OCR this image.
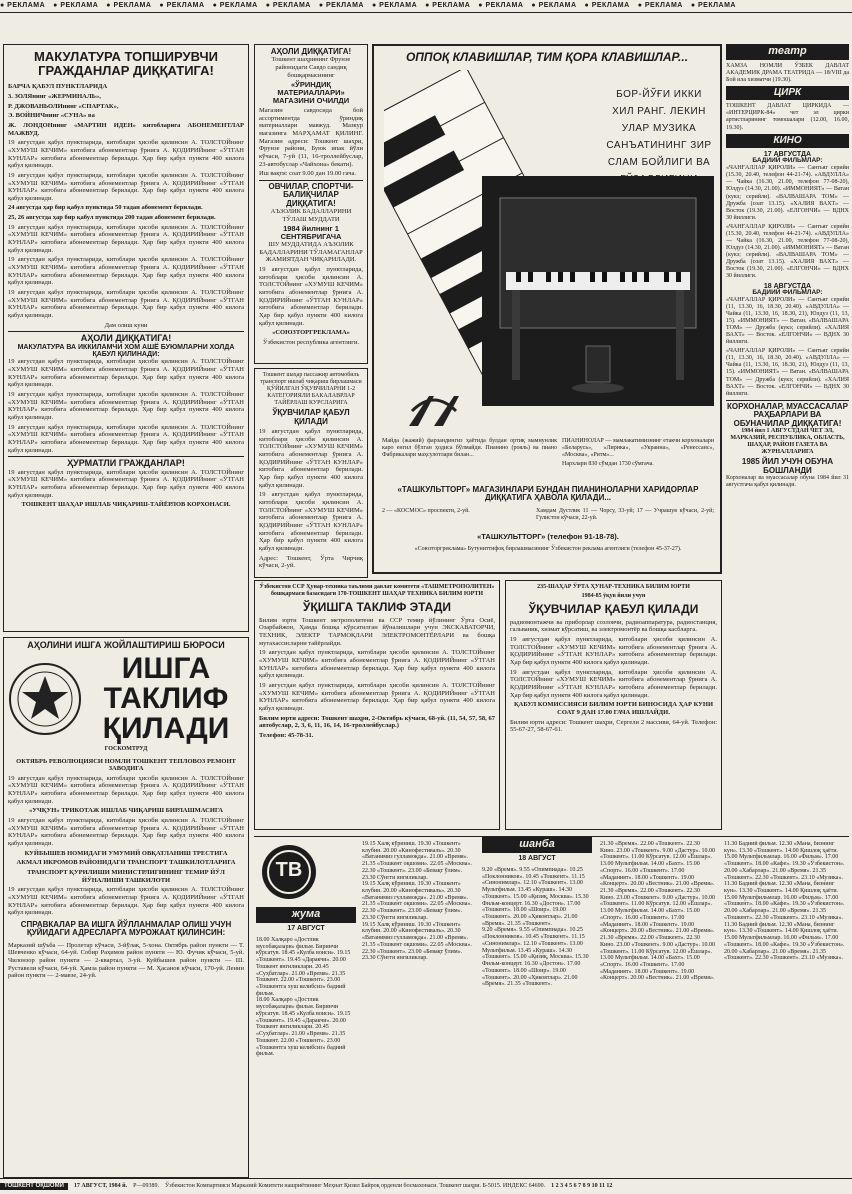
● РЕКЛАМА ● РЕКЛАМА ● РЕКЛАМА ● РЕКЛАМА ● РЕКЛАМА ● РЕКЛАМА ● РЕКЛАМА ● РЕКЛАМА ● РЕКЛАМА ● РЕКЛАМА ● РЕКЛАМА ● РЕКЛАМА ● РЕКЛАМА ● РЕКЛАМА
МАКУЛАТУРА ТОПШИРУВЧИ ГРАЖДАНЛАР ДИҚҚАТИГА!

БАРЧА ҚАБУЛ ПУНКТЛАРИДА

3. ЗОЛЯнинг «ЖЕРМИНАЛЬ»,

Р. ДЖОВАНЬОЛИнинг «СПАРТАК»,

Э. ВОЙНИЧнинг «СУНА» ва

Ж. ЛОНДОНнинг «МАРТИН ИДЕН» китобларига АБОНЕМЕНТЛАР МАЖВУД.

19 августдан қабул пунктларида, китоблари ҳисоби қилинсин А. ТОЛСТОЙнинг «ХУМУШ КЕЧИМ» китобига абонементлар ўрнига А. ҚОДИРИЙнинг «ЎТГАН КУНЛАР» китобига абонементлар берилади. Ҳар бир қабул пункти 400 килога қабул қилинади.

19 августдан қабул пунктларида, китоблари ҳисоби қилинсин А. ТОЛСТОЙнинг «ХУМУШ КЕЧИМ» китобига абонементлар ўрнига А. ҚОДИРИЙнинг «ЎТГАН КУНЛАР» китобига абонементлар берилади. Ҳар бир қабул пункти 400 килога қабул қилинади.

24 августда ҳар бир қабул пунктида 50 тадан абонемент берилади.

25, 26 августда ҳар бир қабул пунктида 200 тадан абонемент берилади.

19 августдан қабул пунктларида, китоблари ҳисоби қилинсин А. ТОЛСТОЙнинг «ХУМУШ КЕЧИМ» китобига абонементлар ўрнига А. ҚОДИРИЙнинг «ЎТГАН КУНЛАР» китобига абонементлар берилади. Ҳар бир қабул пункти 400 килога қабул қилинади.

19 августдан қабул пунктларида, китоблари ҳисоби қилинсин А. ТОЛСТОЙнинг «ХУМУШ КЕЧИМ» китобига абонементлар ўрнига А. ҚОДИРИЙнинг «ЎТГАН КУНЛАР» китобига абонементлар берилади. Ҳар бир қабул пункти 400 килога қабул қилинади.

19 августдан қабул пунктларида, китоблари ҳисоби қилинсин А. ТОЛСТОЙнинг «ХУМУШ КЕЧИМ» китобига абонементлар ўрнига А. ҚОДИРИЙнинг «ЎТГАН КУНЛАР» китобига абонементлар берилади. Ҳар бир қабул пункти 400 килога қабул қилинади.

Дам олиш куни

АҲОЛИ ДИҚҚАТИГА!
МАКУЛАТУРА ВА ИККИЛАМЧИ ХОМ АШЁ БУЮМЛАРНИ ХОЛДА ҚАБУЛ ҚИЛИНАДИ:

19 августдан қабул пунктларида, китоблари ҳисоби қилинсин А. ТОЛСТОЙнинг «ХУМУШ КЕЧИМ» китобига абонементлар ўрнига А. ҚОДИРИЙнинг «ЎТГАН КУНЛАР» китобига абонементлар берилади. Ҳар бир қабул пункти 400 килога қабул қилинади.

19 августдан қабул пунктларида, китоблари ҳисоби қилинсин А. ТОЛСТОЙнинг «ХУМУШ КЕЧИМ» китобига абонементлар ўрнига А. ҚОДИРИЙнинг «ЎТГАН КУНЛАР» китобига абонементлар берилади. Ҳар бир қабул пункти 400 килога қабул қилинади.

19 августдан қабул пунктларида, китоблари ҳисоби қилинсин А. ТОЛСТОЙнинг «ХУМУШ КЕЧИМ» китобига абонементлар ўрнига А. ҚОДИРИЙнинг «ЎТГАН КУНЛАР» китобига абонементлар берилади. Ҳар бир қабул пункти 400 килога қабул қилинади.

ҲУРМАТЛИ ГРАЖДАНЛАР!

19 августдан қабул пунктларида, китоблари ҳисоби қилинсин А. ТОЛСТОЙнинг «ХУМУШ КЕЧИМ» китобига абонементлар ўрнига А. ҚОДИРИЙнинг «ЎТГАН КУНЛАР» китобига абонементлар берилади. Ҳар бир қабул пункти 400 килога қабул қилинади.

ТОШКЕНТ ШАҲАР ИШЛАБ ЧИҚАРИШ-ТАЙЁРЛОВ КОРХОНАСИ.

АҲОЛИНИ ИШГА ЖОЙЛАШТИРИШ БЮРОСИ
ИШГА ТАКЛИФ ҚИЛАДИ
ГОСКОМТРУД

ОКТЯБРЬ РЕВОЛЮЦИЯСИ НОМЛИ ТОШКЕНТ ТЕПЛОВОЗ РЕМОНТ ЗАВОДИГА

19 августдан қабул пунктларида, китоблари ҳисоби қилинсин А. ТОЛСТОЙнинг «ХУМУШ КЕЧИМ» китобига абонементлар ўрнига А. ҚОДИРИЙнинг «ЎТГАН КУНЛАР» китобига абонементлар берилади. Ҳар бир қабул пункти 400 килога қабул қилинади.

«УЧҚУН» ТРИКОТАЖ ИШЛАБ ЧИҚАРИШ БИРЛАШМАСИГА

19 августдан қабул пунктларида, китоблари ҳисоби қилинсин А. ТОЛСТОЙнинг «ХУМУШ КЕЧИМ» китобига абонементлар ўрнига А. ҚОДИРИЙнинг «ЎТГАН КУНЛАР» китобига абонементлар берилади. Ҳар бир қабул пункти 400 килога қабул қилинади.

КУЙБЫШЕВ НОМИДАГИ УМУМИЙ ОВҚАТЛАНИШ ТРЕСТИГА

АКМАЛ ИКРОМОВ РАЙОНИДАГИ ТРАНСПОРТ ТАШКИЛОТЛАРИГА

ТРАНСПОРТ ҚУРИЛИШИ МИНИСТРЛИГИНИНГ ТЕМИР ЙЎЛ ЙЎНАЛИШИ ТАШКИЛОТИ

19 августдан қабул пунктларида, китоблари ҳисоби қилинсин А. ТОЛСТОЙнинг «ХУМУШ КЕЧИМ» китобига абонементлар ўрнига А. ҚОДИРИЙнинг «ЎТГАН КУНЛАР» китобига абонементлар берилади. Ҳар бир қабул пункти 400 килога қабул қилинади.

СПРАВКАЛАР ВА ИШГА ЙЎЛЛАНМАЛАР ОЛИШ УЧУН ҚУЙИДАГИ АДРЕСЛАРГА МУРОЖААТ ҚИЛИНСИН:

Марказий шўъба — Пролетар кўчаси, 3-йўлак, 5-хона. Октябрь район пункти — Т. Шевченко кўчаси, 64-уй. Собир Раҳимов район пункти — Ю. Фучик кўчаси, 5-уй. Чилонзор район пункти — 2-квартал, 3-уй. Куйбышев район пункти — Ш. Руставели кўчаси, 64-уй. Ҳамза район пункти — М. Ҳасанов кўчаси, 170-уй. Ленин район пункти — 2-мавзе, 24-уй.

АҲОЛИ ДИҚҚАТИГА!

Тошкент шаҳрининг Фрунзе районидаги Савдо сандиқ бошқармасининг

«ЎРИНДИҚ МАТЕРИАЛЛАРИ» МАГАЗИНИ ОЧИЛДИ

Магазин савдосида бой ассортиментда ўриндиқ материаллари мавжуд. Мазкур магазинга МАРҲАМАТ ҚИЛИНГ. Магазин адреси: Тошкент шаҳри, Фрунзе райони, Буюк ипак йўли кўчаси, 7-уй (11, 16-троллейбуслар, 23-автобуслар «Чайхона» бекати).

Иш вақти: соат 9.00 дан 19.00 гача.

ОВЧИЛАР, СПОРТЧИ-БАЛИҚЧИЛАР ДИҚҚАТИГА!

АЪЗОЛИК БАДАЛЛАРИНИ ТЎЛАШ МУДДАТИ

1984 йилнинг 1 СЕНТЯБРИГАЧА

ШУ МУДДАТИДА АЪЗОЛИК БАДАЛЛАРИНИ ТЎЛАМАГАНЛАР ЖАМИЯТДАН ЧИҚАРИЛАДИ.

19 августдан қабул пунктларида, китоблари ҳисоби қилинсин А. ТОЛСТОЙнинг «ХУМУШ КЕЧИМ» китобига абонементлар ўрнига А. ҚОДИРИЙнинг «ЎТГАН КУНЛАР» китобига абонементлар берилади. Ҳар бир қабул пункти 400 килога қабул қилинади.

«СОЮЗТОРГРЕКЛАМА»

Ўзбекистон республика агентлиги.

Тошкент шаҳар пассажир автомобиль транспорт ишлаб чиқариш бирлашмаси ҚЎЙИЛГАН ЎҚУВЧИЛАРНИ 1-2 КАТЕГОРИЯЛИ БАКАЛАВРЛАР ТАЙЁРЛАШ КУРСЛАРИГА

ЎҚУВЧИЛАР ҚАБУЛ ҚИЛАДИ

19 августдан қабул пунктларида, китоблари ҳисоби қилинсин А. ТОЛСТОЙнинг «ХУМУШ КЕЧИМ» китобига абонементлар ўрнига А. ҚОДИРИЙнинг «ЎТГАН КУНЛАР» китобига абонементлар берилади. Ҳар бир қабул пункти 400 килога қабул қилинади.

19 августдан қабул пунктларида, китоблари ҳисоби қилинсин А. ТОЛСТОЙнинг «ХУМУШ КЕЧИМ» китобига абонементлар ўрнига А. ҚОДИРИЙнинг «ЎТГАН КУНЛАР» китобига абонементлар берилади. Ҳар бир қабул пункти 400 килога қабул қилинади.

Адрес: Тошкент, Ўрта Чирчиқ кўчаси, 2-уй.

ОППОҚ КЛАВИШЛАР, ТИМ ҚОРА КЛАВИШЛАР...
БОР-ЙЎҒИ ИККИ ХИЛ РАНГ. ЛЕКИН УЛАР МУЗИКА САНЪАТИНИНГ ЗИР СЛАМ БОЙЛИГИ ВА

Майда (жажий) фарзандингиз ҳаётида булдан ортиқ мамнунлик каро енгил бўлган ҳодиса бўлмайди. Пианино (рояль) ва пиано Фабрикалари маҳсулотлари билан...

ПИАНИНОЛАР — мамлакатимизнинг етакчи корхоналари «Беларусь», «Лирика», «Украина», «Ренессанс», «Москва», «Ритм»...

Нархлари 830 сўмдан 1730 сўмгача.

«ТАШКУЛЬТТОРГ» МАГАЗИНЛАРИ БУНДАН ПИАНИНОЛАРНИ ХАРИДОРЛАР ДИҚҚАТИГА ҲАВОЛА ҚИЛАДИ...

2 — «КОСМОС» проспекти, 2-уй.	Хамдам Дустлик 11 — Чорсу, 33-уй; 17 — Учрашув кўчаси, 2-уй; Гулистон кўчаси, 22-уй.

«ТАШКУЛЬТТОРГ» (телефон 91-18-78).
«Союзторгреклама» Бутуниттифоқ бирлашмасининг Ўзбекистон реклама агентлиги (телефон 45-37-27).
театр

ХАМЗА НОМЛИ ЎЗБЕК ДАВЛАТ АКАДЕМИК ДРАМА ТЕАТРИДА — 18/VIII да Бой ила хизматчи (19.30).

ЦИРК

ТОШКЕНТ ДАВЛАТ ЦИРКИДА — «ИНТЕРЦИРК-84» чет эл цирки артистларининг томошалари (12.00, 16.00, 19.30).

КИНО
17 АВГУСТДА
БАДИИЙ ФИЛЬМЛАР:

«ЧАНҒАЛЛАР ҚИРОЛИ» — Сантьяг серийи (15.30, 20.40, телефон 44-21-74). «АВДУЛЛА» — Чайка (16.30, 21.00, телефон 77-08-20), Юлдуз (14.30, 21.00). «ИММОНИЯТ» — Ватан (кукэ; серийли). «ВАЛВАШАРА ТОМ» — Дружба (соат 13.15). «ХАЛИЯ ВАХТ» — Восток (19.30, 21.00). «ЕЛГОНЧИ» — ВДНХ 30 йиллиги.

«ЧАНҒАЛЛАР ҚИРОЛИ» — Сантьяг серийи (15.30, 20.40, телефон 44-21-74). «АВДУЛЛА» — Чайка (16.30, 21.00, телефон 77-08-20), Юлдуз (14.30, 21.00). «ИММОНИЯТ» — Ватан (кукэ; серийли). «ВАЛВАШАРА ТОМ» — Дружба (соат 13.15). «ХАЛИЯ ВАХТ» — Восток (19.30, 21.00). «ЕЛГОНЧИ» — ВДНХ 30 йиллиги.

18 АВГУСТДА
БАДИИЙ ФИЛЬМЛАР:

«ЧАНҒАЛЛАР ҚИРОЛИ» — Сантьяг серийи (11, 13.30, 16, 18.30, 20.40). «АВДУЛЛА» — Чайка (11, 13.30, 16, 18.30, 21), Юлдуз (11, 13, 15). «ИММОНИЯТ» — Ватан. «ВАЛВАШАРА ТОМ» — Дружба (кукэ; серийли). «ХАЛИЯ ВАХТ» — Восток. «ЕЛГОНЧИ» — ВДНХ 30 йиллиги.

«ЧАНҒАЛЛАР ҚИРОЛИ» — Сантьяг серийи (11, 13.30, 16, 18.30, 20.40). «АВДУЛЛА» — Чайка (11, 13.30, 16, 18.30, 21), Юлдуз (11, 13, 15). «ИММОНИЯТ» — Ватан. «ВАЛВАШАРА ТОМ» — Дружба (кукэ; серийли). «ХАЛИЯ ВАХТ» — Восток. «ЕЛГОНЧИ» — ВДНХ 30 йиллиги.

КОРХОНАЛАР, МУАССАСАЛАР РАҲБАРЛАРИ ВА ОБУНАЧИЛАР ДИҚҚАТИГА!

1984 йил 1 АВГУСТДАН ЧЕТ ЭЛ, МАРКАЗИЙ, РЕСПУБЛИКА, ОБЛАСТЬ, ШАҲАР, РАЙОН ГАЗЕТА ВА ЖУРНАЛЛАРИГА

1985 ЙИЛ УЧУН ОБУНА БОШЛАНДИ

Корхоналар ва муассасалар обуна 1984 йил 31 августгача қабул қилинади.

Ўзбекистон ССР Ҳунар-техника таълими давлат комитети «ТАШМЕТРОПОЛИТЕН» бошқармаси базасидаги 170-ТОШКЕНТ ШАҲАР ТЕХНИКА БИЛИМ ЮРТИ

ЎҚИШГА ТАКЛИФ ЭТАДИ

Билим юрти Тошкент метрополитени ва ССР темир йўлининг Ўрта Осиё, Озарбайжон, Ҳамда бошқа кўрсатилган йўналишлари учун ЭКСКАВАТОРЧИ, ТЕХНИК, ЭЛЕКТР ТАРМОҚЛАРИ ЭЛЕКТРОМОНТЁРЛАРИ ва бошқа мутахассисларни тайёрлайди.

19 августдан қабул пунктларида, китоблари ҳисоби қилинсин А. ТОЛСТОЙнинг «ХУМУШ КЕЧИМ» китобига абонементлар ўрнига А. ҚОДИРИЙнинг «ЎТГАН КУНЛАР» китобига абонементлар берилади. Ҳар бир қабул пункти 400 килога қабул қилинади.

19 августдан қабул пунктларида, китоблари ҳисоби қилинсин А. ТОЛСТОЙнинг «ХУМУШ КЕЧИМ» китобига абонементлар ўрнига А. ҚОДИРИЙнинг «ЎТГАН КУНЛАР» китобига абонементлар берилади. Ҳар бир қабул пункти 400 килога қабул қилинади.

Билим юрти адреси: Тошкент шаҳри, 2-Октябрь кўчаси, 68-уй. (11, 54, 57, 58, 67 автобуслар, 2, 3, 6, 11, 16, 14, 16-троллейбуслар.)

Телефон: 45-78-31.

235-ШАҲАР ЎРТА ҲУНАР-ТЕХНИКА БИЛИМ ЮРТИ

1984-85 ўқув йили учун

ЎҚУВЧИЛАР ҚАБУЛ ҚИЛАДИ

радиомонтажчи ва приборлар созловчи, радиоаппаратура, радиостанция, гальваник, хизмат кўрсатиш, ва электромонтёр ва бошқа касбларга.

19 августдан қабул пунктларида, китоблари ҳисоби қилинсин А. ТОЛСТОЙнинг «ХУМУШ КЕЧИМ» китобига абонементлар ўрнига А. ҚОДИРИЙнинг «ЎТГАН КУНЛАР» китобига абонементлар берилади. Ҳар бир қабул пункти 400 килога қабул қилинади.

19 августдан қабул пунктларида, китоблари ҳисоби қилинсин А. ТОЛСТОЙнинг «ХУМУШ КЕЧИМ» китобига абонементлар ўрнига А. ҚОДИРИЙнинг «ЎТГАН КУНЛАР» китобига абонементлар берилади. Ҳар бир қабул пункти 400 килога қабул қилинади.

ҚАБУЛ КОМИССИЯСИ БИЛИМ ЮРТИ БИНОСИДА ҲАР КУНИ СОАТ 9 ДАН 17.00 ГАЧА ИШЛАЙДИ.

Билим юрти адреси: Тошкент шаҳри, Сергели 2 массиви, 64-уй. Телефон: 55-67-27, 58-67-61.

ТВ
жума
17 АВГУСТ

18.00 Халқаро «Достлик мусобақалари» фильм. Биринчи кўрсатув. 18.45 «Кулба воиси». 19.15 «Тошкент». 19.45 «Даракчи». 20.00 Тошкент янгиликлари. 20.45 «Суҳбатлар». 21.00 «Время». 21.35 Тошкент. 22.00 «Тошкент». 23.00 «Тошкентга хуш келибсиз» бадиий фильм.

18.00 Халқаро «Достлик мусобақалари» фильм. Биринчи кўрсатув. 18.45 «Кулба воиси». 19.15 «Тошкент». 19.45 «Даракчи». 20.00 Тошкент янгиликлари. 20.45 «Суҳбатлар». 21.00 «Время». 21.35 Тошкент. 22.00 «Тошкент». 23.00 «Тошкентга хуш келибсиз» бадиий фильм.

19.15 Халқ кўриниш. 19.30 «Тошкент» клубин. 20.00 «Кинофестиваль». 20.30 «Ватанимиз гулламоқда». 21.00 «Время». 21.35 «Тошкент оқшоми». 22.05 «Москва». 22.30 «Тошкент». 23.00 «Бевақт ўлим». 23.30 Сўнгги янгиликлар.

19.15 Халқ кўриниш. 19.30 «Тошкент» клубин. 20.00 «Кинофестиваль». 20.30 «Ватанимиз гулламоқда». 21.00 «Время». 21.35 «Тошкент оқшоми». 22.05 «Москва». 22.30 «Тошкент». 23.00 «Бевақт ўлим». 23.30 Сўнгги янгиликлар.

19.15 Халқ кўриниш. 19.30 «Тошкент» клубин. 20.00 «Кинофестиваль». 20.30 «Ватанимиз гулламоқда». 21.00 «Время». 21.35 «Тошкент оқшоми». 22.05 «Москва». 22.30 «Тошкент». 23.00 «Бевақт ўлим». 23.30 Сўнгги янгиликлар.

шанба
18 АВГУСТ

9.20 «Время». 9.55 «Олимпиада». 10.25 «Поклонников». 10.45 «Тошкент». 11.15 «Синонимлар». 12.10 «Тошкент». 13.00 Мультфильм. 13.45 «Кураш». 14.30 «Тошкент». 15.00 «Қизиқ, Москва». 15.30 Фильм-концерт. 16.30 «Достон». 17.00 «Тошкент». 18.00 «Шоир». 19.00 «Тошкент». 20.00 «Ҳикоятлар». 21.00 «Время». 21.35 «Тошкент».

9.20 «Время». 9.55 «Олимпиада». 10.25 «Поклонников». 10.45 «Тошкент». 11.15 «Синонимлар». 12.10 «Тошкент». 13.00 Мультфильм. 13.45 «Кураш». 14.30 «Тошкент». 15.00 «Қизиқ, Москва». 15.30 Фильм-концерт. 16.30 «Достон». 17.00 «Тошкент». 18.00 «Шоир». 19.00 «Тошкент». 20.00 «Ҳикоятлар». 21.00 «Время». 21.35 «Тошкент».

21.30 «Время». 22.00 «Тошкент». 22.30 Кино. 23.00 «Тошкент». 9.00 «Дастур». 10.00 «Тошкент». 11.00 Кўрсатув. 12.00 «Ёшлар». 13.00 Мультфильм. 14.00 «Бахт». 15.00 «Спорт». 16.00 «Тошкент». 17.00 «Маданият». 18.00 «Тошкент». 19.00 «Концерт». 20.00 «Вестник». 21.00 «Время».

21.30 «Время». 22.00 «Тошкент». 22.30 Кино. 23.00 «Тошкент». 9.00 «Дастур». 10.00 «Тошкент». 11.00 Кўрсатув. 12.00 «Ёшлар». 13.00 Мультфильм. 14.00 «Бахт». 15.00 «Спорт». 16.00 «Тошкент». 17.00 «Маданият». 18.00 «Тошкент». 19.00 «Концерт». 20.00 «Вестник». 21.00 «Время».

21.30 «Время». 22.00 «Тошкент». 22.30 Кино. 23.00 «Тошкент». 9.00 «Дастур». 10.00 «Тошкент». 11.00 Кўрсатув. 12.00 «Ёшлар». 13.00 Мультфильм. 14.00 «Бахт». 15.00 «Спорт». 16.00 «Тошкент». 17.00 «Маданият». 18.00 «Тошкент». 19.00 «Концерт». 20.00 «Вестник». 21.00 «Время».

11.30 Бадиий фильм. 12.30 «Мана, бизнинг кун». 13.30 «Тошкент». 14.00 Қишлоқ ҳаёти. 15.00 Мультфильмлар. 16.00 «Фильм». 17.00 «Тошкент». 18.00 «Кафе». 19.30 «Ўзбекистон». 20.00 «Хабарлар». 21.00 «Время». 21.35 «Тошкент». 22.30 «Тошкент». 23.10 «Музика».

11.30 Бадиий фильм. 12.30 «Мана, бизнинг кун». 13.30 «Тошкент». 14.00 Қишлоқ ҳаёти. 15.00 Мультфильмлар. 16.00 «Фильм». 17.00 «Тошкент». 18.00 «Кафе». 19.30 «Ўзбекистон». 20.00 «Хабарлар». 21.00 «Время». 21.35 «Тошкент». 22.30 «Тошкент». 23.10 «Музика».

11.30 Бадиий фильм. 12.30 «Мана, бизнинг кун». 13.30 «Тошкент». 14.00 Қишлоқ ҳаёти. 15.00 Мультфильмлар. 16.00 «Фильм». 17.00 «Тошкент». 18.00 «Кафе». 19.30 «Ўзбекистон». 20.00 «Хабарлар». 21.00 «Время». 21.35 «Тошкент». 22.30 «Тошкент». 23.10 «Музика».

ТОШКЕНТ ОҚШОМИ	17 АВГУСТ, 1984 й. Р—09389. Ўзбекистон Компартияси Марказий Комитети нашриётининг Меҳнат Қизил Байроқ орденли босмахонаси. Тошкент шаҳри. Б-5015. ИНДЕКС 64690. 1 2 3 4 5 6 7 8 9 10 11 12
